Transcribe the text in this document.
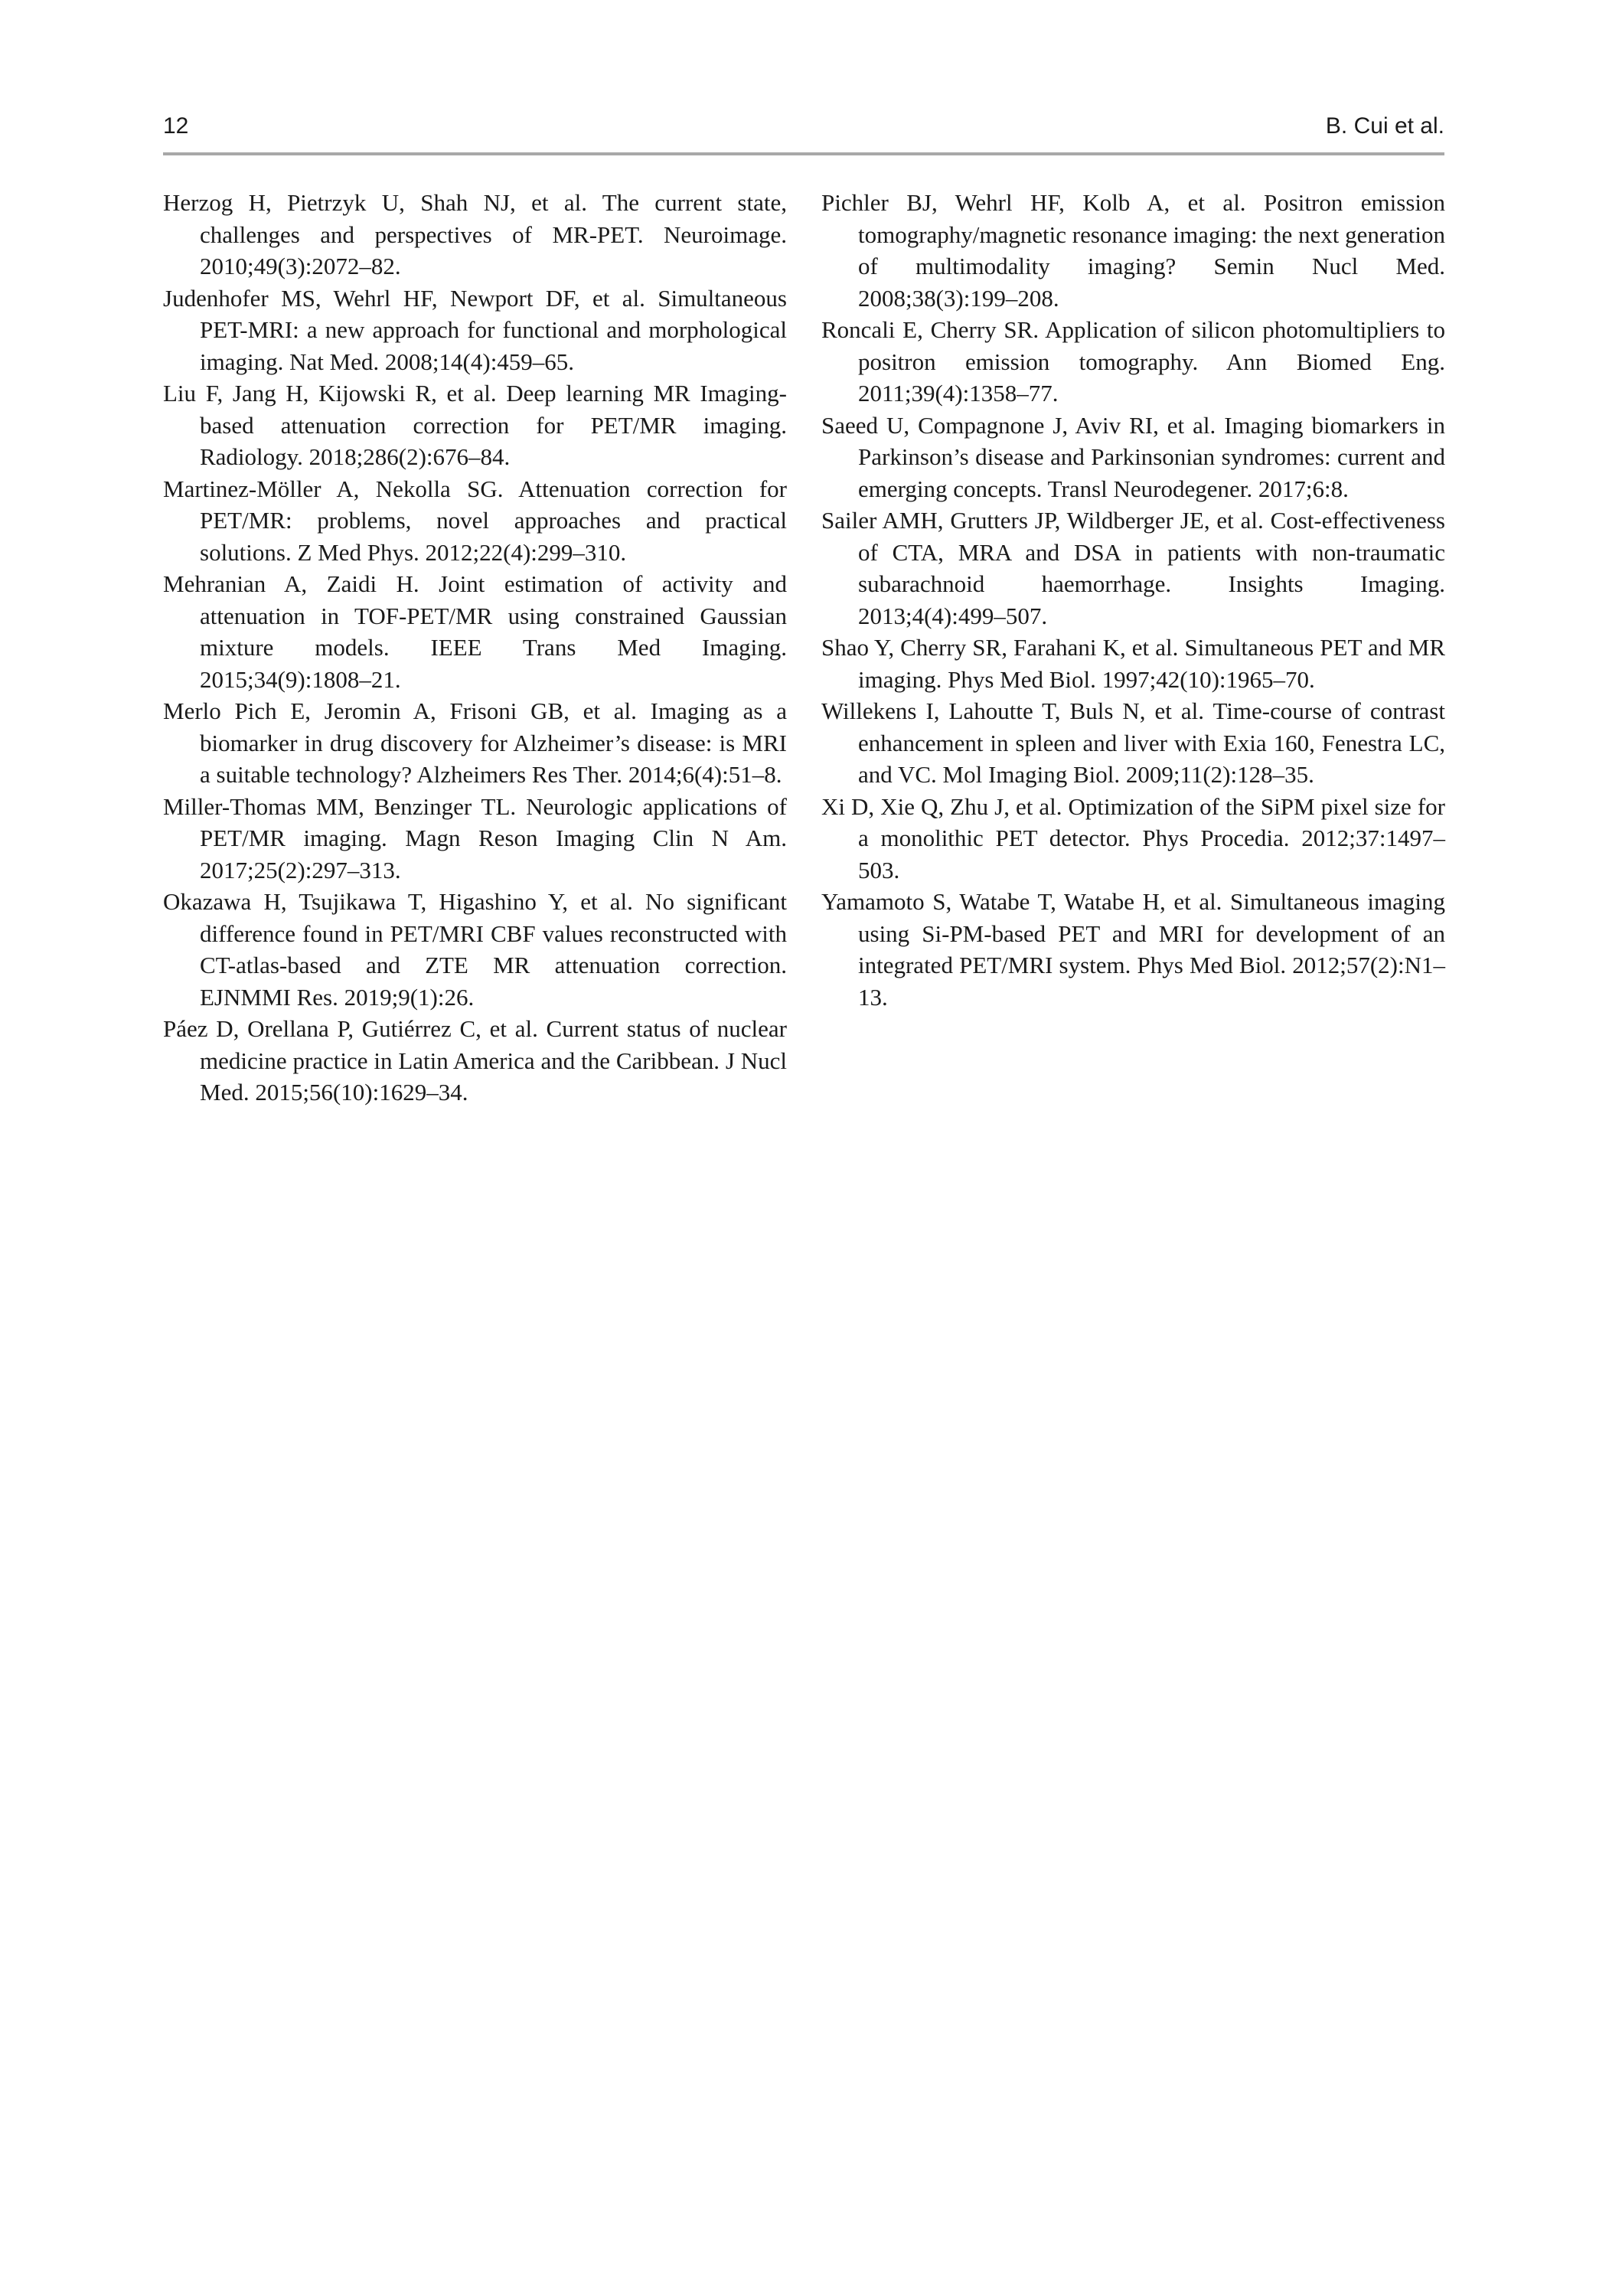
12	B. Cui et al.

Herzog H, Pietrzyk U, Shah NJ, et al. The current state, challenges and perspectives of MR-PET. Neuroimage. 2010;49(3):2072–82.

Judenhofer MS, Wehrl HF, Newport DF, et al. Simultaneous PET-MRI: a new approach for functional and morphological imaging. Nat Med. 2008;14(4):459–65.

Liu F, Jang H, Kijowski R, et al. Deep learning MR Imaging-based attenuation correction for PET/MR imaging. Radiology. 2018;286(2):676–84.

Martinez-Möller A, Nekolla SG. Attenuation correction for PET/MR: problems, novel approaches and practical solutions. Z Med Phys. 2012;22(4):299–310.

Mehranian A, Zaidi H. Joint estimation of activity and attenuation in TOF-PET/MR using constrained Gaussian mixture models. IEEE Trans Med Imaging. 2015;34(9):1808–21.

Merlo Pich E, Jeromin A, Frisoni GB, et al. Imaging as a biomarker in drug discovery for Alzheimer’s disease: is MRI a suitable technology? Alzheimers Res Ther. 2014;6(4):51–8.

Miller-Thomas MM, Benzinger TL. Neurologic applications of PET/MR imaging. Magn Reson Imaging Clin N Am. 2017;25(2):297–313.

Okazawa H, Tsujikawa T, Higashino Y, et al. No significant difference found in PET/MRI CBF values reconstructed with CT-atlas-based and ZTE MR attenuation correction. EJNMMI Res. 2019;9(1):26.

Páez D, Orellana P, Gutiérrez C, et al. Current status of nuclear medicine practice in Latin America and the Caribbean. J Nucl Med. 2015;56(10):1629–34.

Pichler BJ, Wehrl HF, Kolb A, et al. Positron emission tomography/magnetic resonance imaging: the next generation of multimodality imaging? Semin Nucl Med. 2008;38(3):199–208.

Roncali E, Cherry SR. Application of silicon photomultipliers to positron emission tomography. Ann Biomed Eng. 2011;39(4):1358–77.

Saeed U, Compagnone J, Aviv RI, et al. Imaging biomarkers in Parkinson’s disease and Parkinsonian syndromes: current and emerging concepts. Transl Neurodegener. 2017;6:8.

Sailer AMH, Grutters JP, Wildberger JE, et al. Cost-effectiveness of CTA, MRA and DSA in patients with non-traumatic subarachnoid haemorrhage. Insights Imaging. 2013;4(4):499–507.

Shao Y, Cherry SR, Farahani K, et al. Simultaneous PET and MR imaging. Phys Med Biol. 1997;42(10):1965–70.

Willekens I, Lahoutte T, Buls N, et al. Time-course of contrast enhancement in spleen and liver with Exia 160, Fenestra LC, and VC. Mol Imaging Biol. 2009;11(2):128–35.

Xi D, Xie Q, Zhu J, et al. Optimization of the SiPM pixel size for a monolithic PET detector. Phys Procedia. 2012;37:1497–503.

Yamamoto S, Watabe T, Watabe H, et al. Simultaneous imaging using Si-PM-based PET and MRI for development of an integrated PET/MRI system. Phys Med Biol. 2012;57(2):N1–13.
